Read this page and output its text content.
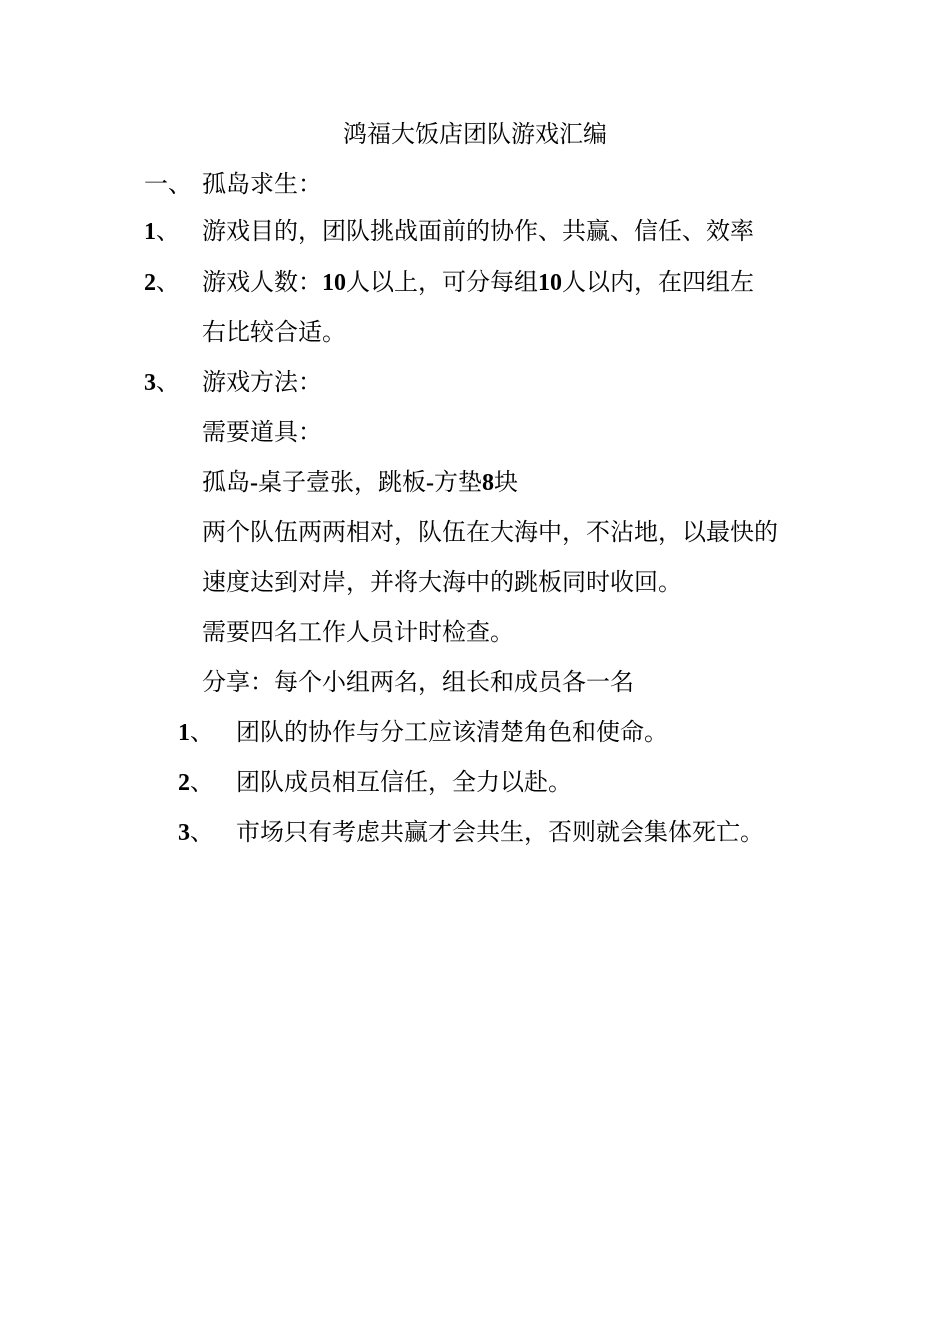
鸿福大饭店团队游戏汇编
一、 孤岛求生：
1、 游戏目的，团队挑战面前的协作、共赢、信任、效率
2、 游戏人数：10人以上，可分每组10人以内，在四组左
右比较合适。
3、 游戏方法：
需要道具：
孤岛-桌子壹张，跳板-方垫8块
两个队伍两两相对，队伍在大海中，不沾地，以最快的
速度达到对岸，并将大海中的跳板同时收回。
需要四名工作人员计时检查。
分享：每个小组两名，组长和成员各一名
1、 团队的协作与分工应该清楚角色和使命。
2、 团队成员相互信任，全力以赴。
3、 市场只有考虑共赢才会共生，否则就会集体死亡。
